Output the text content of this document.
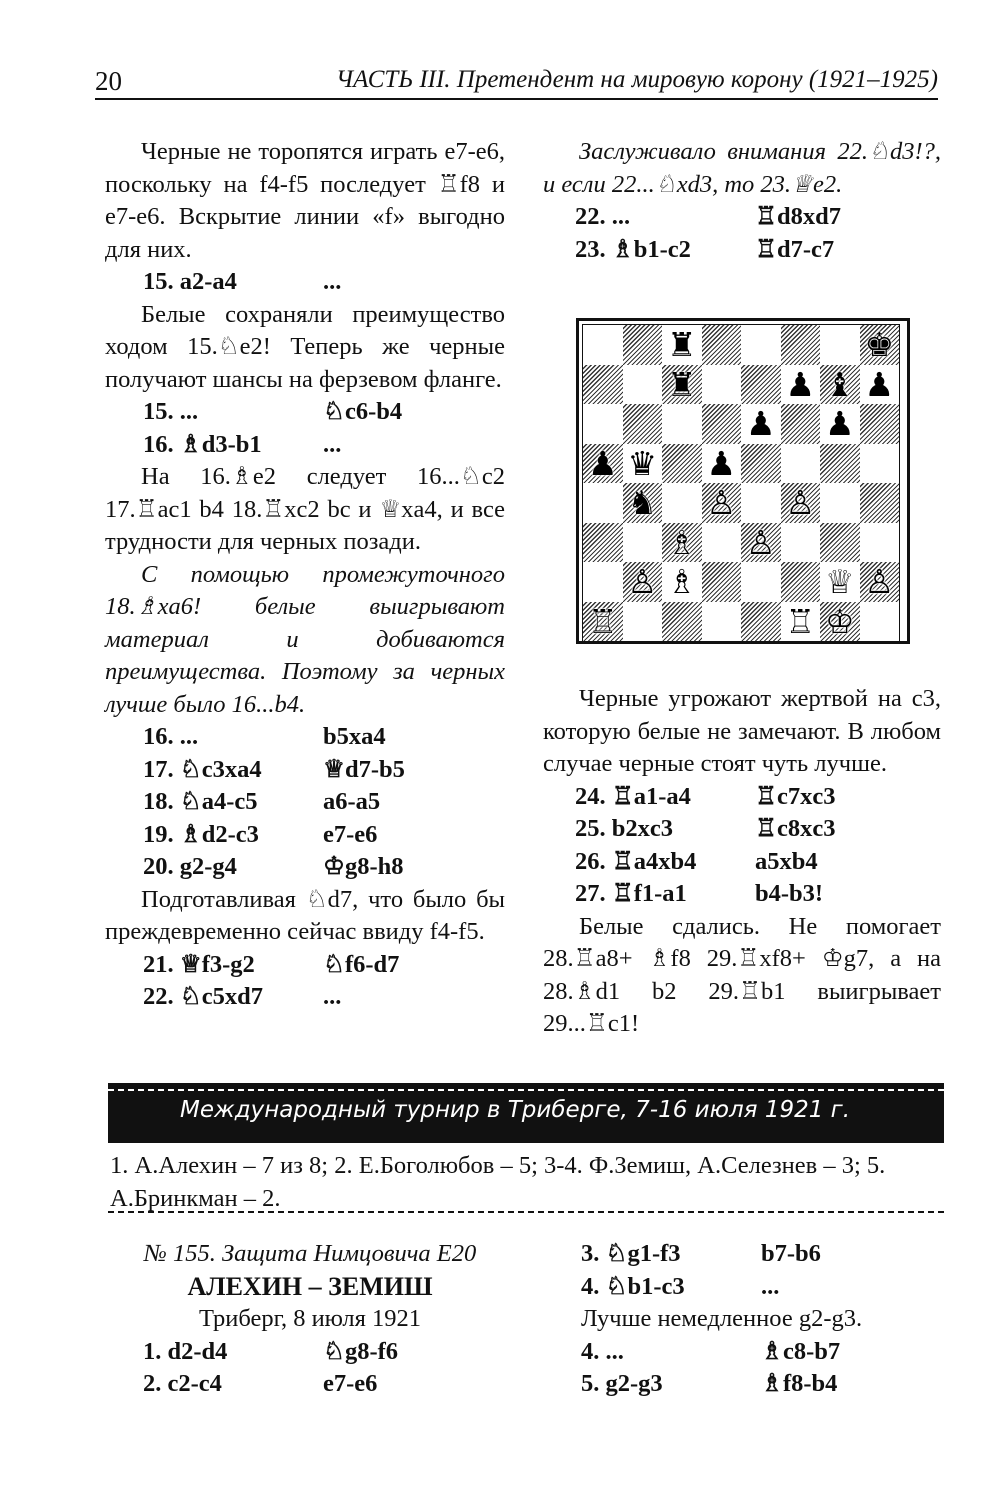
20	ЧАСТЬ III. Претендент на мировую корону (1921–1925)

Черные не торопятся играть e7-e6, поскольку на f4-f5 последует ♖f8 и e7-e6. Вскрытие линии «f» выгодно для них.

15. a2-a4	...

Белые сохраняли преимущество ходом 15.♘e2! Теперь же черные получают шансы на ферзевом фланге.

15. ...	♘c6-b4
16. ♗d3-b1	...

На 16.♗e2 следует 16...♘c2 17.♖ac1 b4 18.♖xc2 bc и ♕xa4, и все трудности для черных позади.

С помощью промежуточного 18.♗xa6! белые выигрывают материал и добиваются преимущества. Поэтому за черных лучше было 16...b4.

16. ...	b5xa4
17. ♘c3xa4	♕d7-b5
18. ♘a4-c5	a6-a5
19. ♗d2-c3	e7-e6
20. g2-g4	♔g8-h8

Подготавливая ♘d7, что было бы преждевременно сейчас ввиду f4-f5.

21. ♕f3-g2	♘f6-d7
22. ♘c5xd7	...

Заслуживало внимания 22.♘d3!?, и если 22...♘xd3, то 23.♕e2.

22. ...	♖d8xd7
23. ♗b1-c2	♖d7-c7

Черные угрожают жертвой на c3, которую белые не замечают. В любом случае черные стоят чуть лучше.

24. ♖a1-a4	♖c7xc3
25. b2xc3	♖c8xc3
26. ♖a4xb4	a5xb4
27. ♖f1-a1	b4-b3!

Белые сдались. Не помогает 28.♖a8+ ♗f8 29.♖xf8+ ♔g7, а на 28.♗d1 b2 29.♖b1 выигрывает 29...♖c1!

♜	♚
♜	♟ ♝ ♟
♟ ♟
♟ ♛ ♟
♞ ♙ ♙
♗ ♙
♙ ♗	♕ ♙
♖	♖ ♔
Международный турнир в Триберге, 7-16 июля 1921 г.
1. А.Алехин – 7 из 8; 2. Е.Боголюбов – 5; 3-4. Ф.Земиш, А.Селезнев – 3; 5. А.Бринкман – 2.
№ 155. Защита Нимцовича E20
АЛЕХИН – ЗЕМИШ
Триберг, 8 июля 1921
1. d2-d4	♘g8-f6
2. c2-c4	e7-e6
3. ♘g1-f3	b7-b6
4. ♘b1-c3	...

Лучше немедленное g2-g3.

4. ...	♗c8-b7
5. g2-g3	♗f8-b4
